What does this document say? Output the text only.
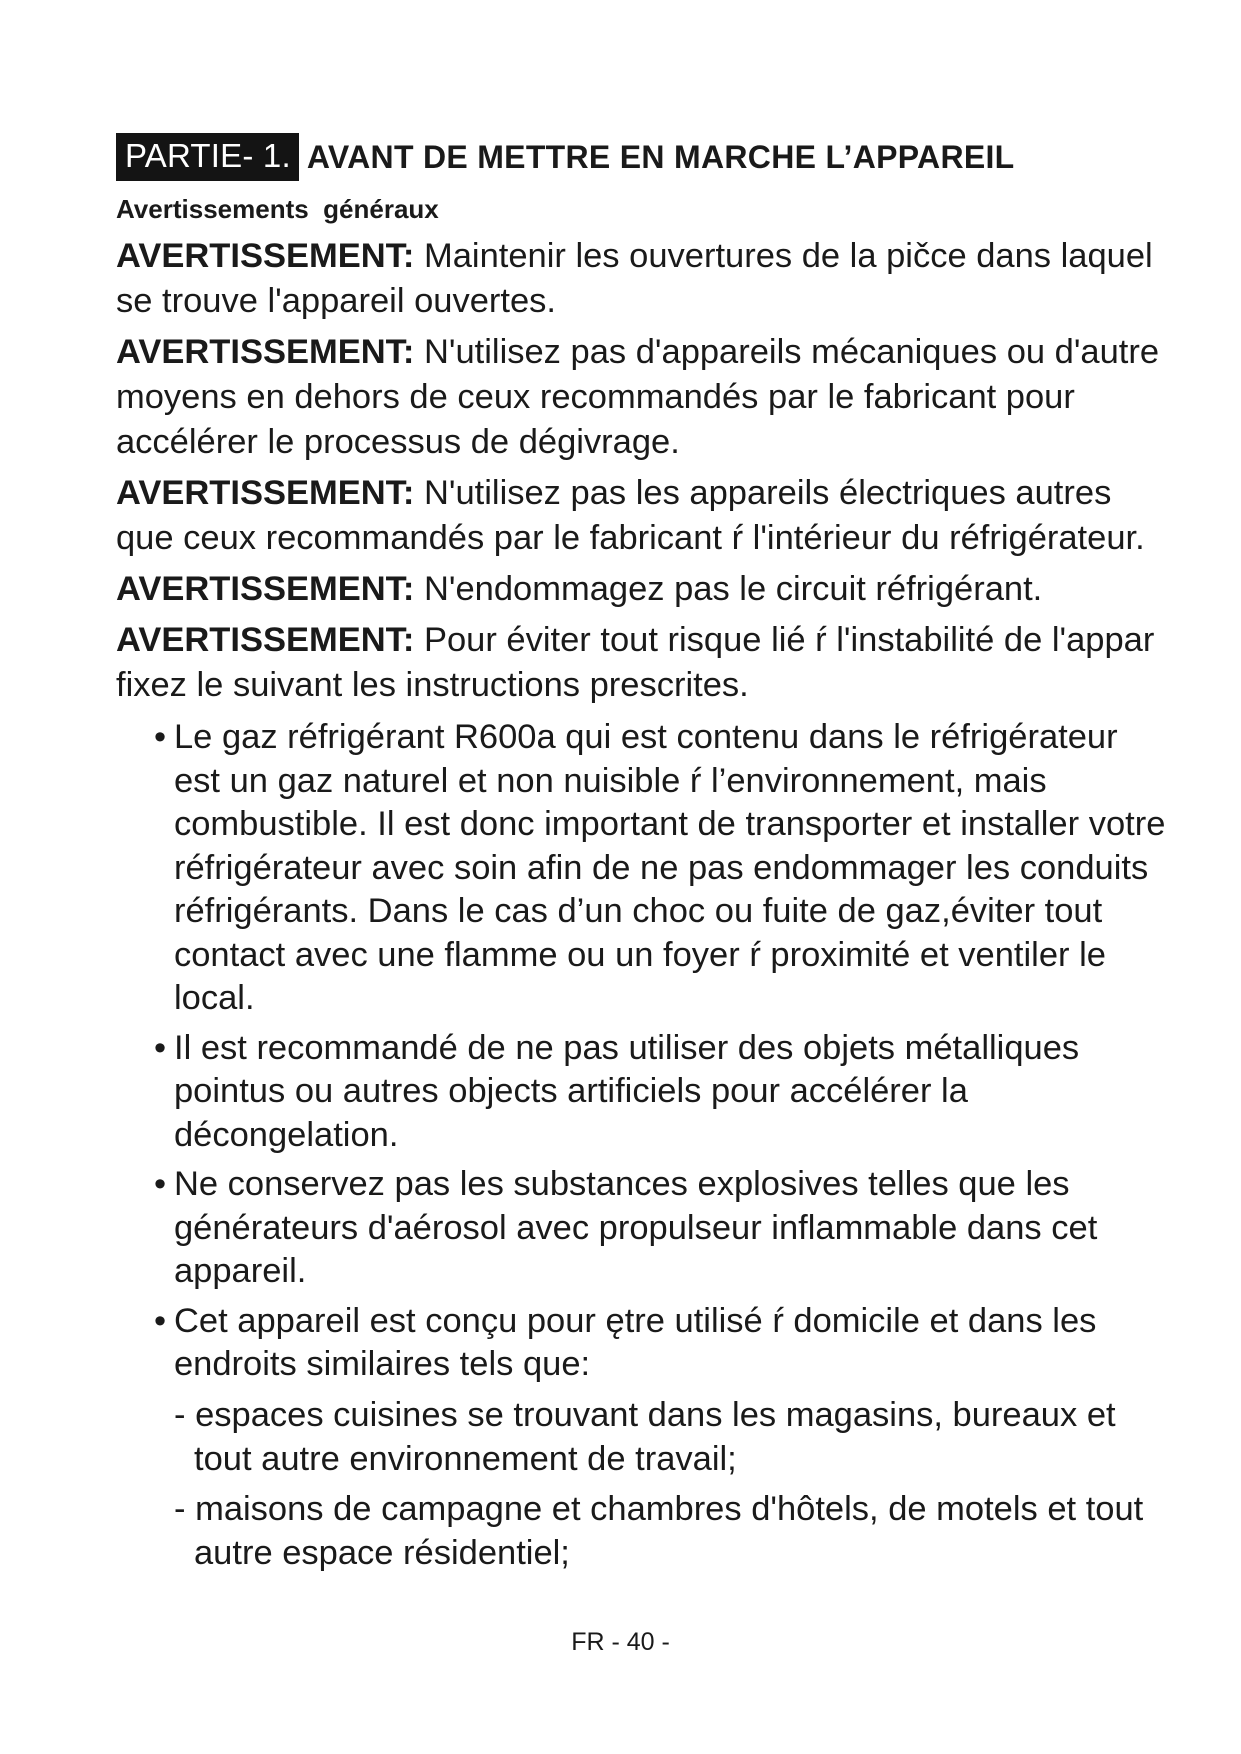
PARTIE- 1. AVANT DE METTRE EN MARCHE L’APPAREIL
Avertissements  généraux
AVERTISSEMENT: Maintenir les ouvertures de la pičce dans laquel
se trouve l'appareil ouvertes.
AVERTISSEMENT: N'utilisez pas d'appareils mécaniques ou d'autre
moyens en dehors de ceux recommandés par le fabricant pour
accélérer le processus de dégivrage.
AVERTISSEMENT: N'utilisez pas les appareils électriques autres
que ceux recommandés par le fabricant ŕ l'intérieur du réfrigérateur.
AVERTISSEMENT: N'endommagez pas le circuit réfrigérant.
AVERTISSEMENT: Pour éviter tout risque lié ŕ l'instabilité de l'appar
fixez le suivant les instructions prescrites.
• Le gaz réfrigérant R600a qui est contenu dans le réfrigérateur
est un gaz naturel et non nuisible ŕ l’environnement, mais
combustible. Il est donc important de transporter et installer votre
réfrigérateur avec soin afin de ne pas endommager les conduits
réfrigérants. Dans le cas d’un choc ou fuite de gaz,éviter tout
contact avec une flamme ou un foyer ŕ proximité et ventiler le
local.
• Il est recommandé de ne pas utiliser des objets métalliques
pointus ou autres objects artificiels pour accélérer la
décongelation.
• Ne conservez pas les substances explosives telles que les
générateurs d'aérosol avec propulseur inflammable dans cet
appareil.
• Cet appareil est conçu pour ętre utilisé ŕ domicile et dans les
endroits similaires tels que:
- espaces cuisines se trouvant dans les magasins, bureaux et
tout autre environnement de travail;
- maisons de campagne et chambres d'hôtels, de motels et tout
autre espace résidentiel;
FR - 40 -
